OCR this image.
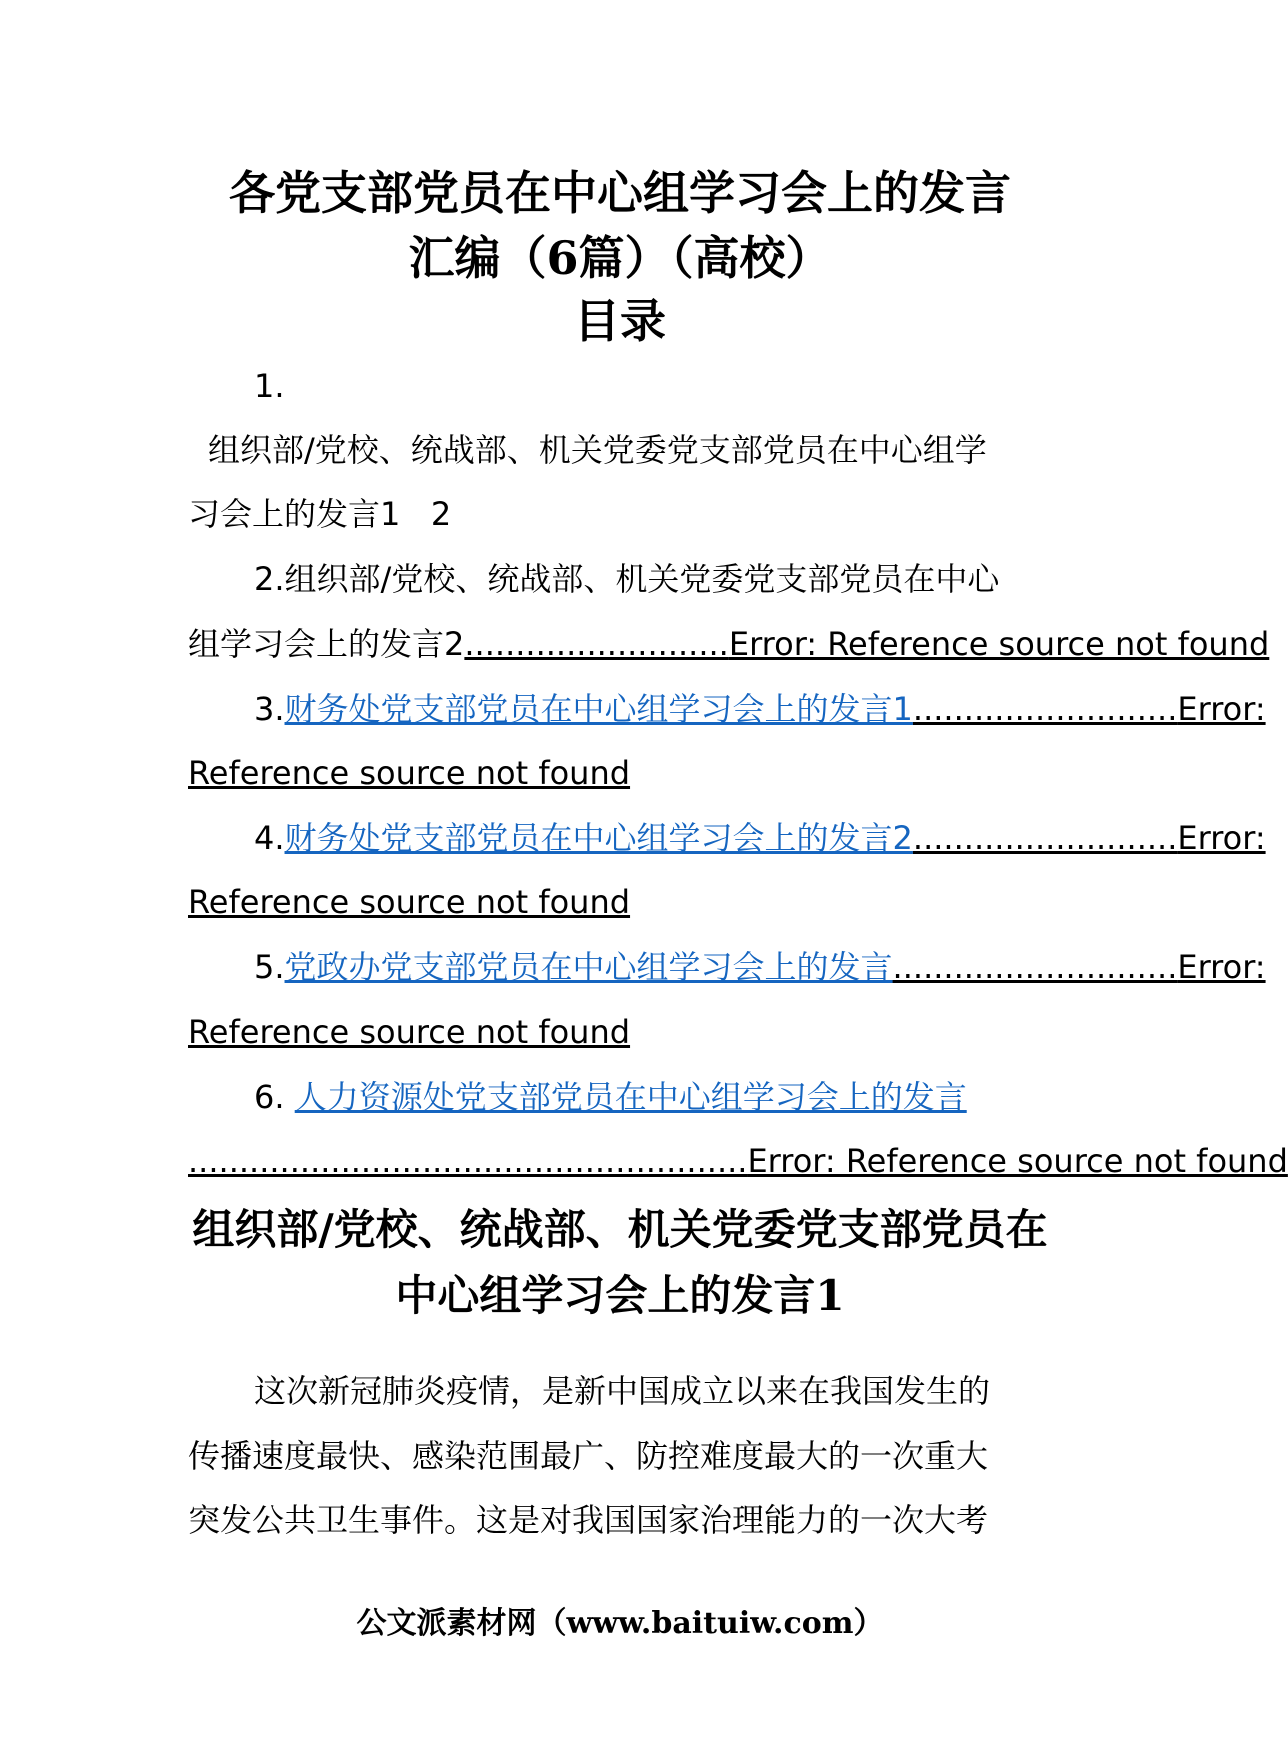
各党支部党员在中心组学习会上的发言
汇编（6篇）（高校）
目录
1.
组织部/党校、统战部、机关党委党支部党员在中心组学
习会上的发言1 2
2.组织部/党校、统战部、机关党委党支部党员在中心
组学习会上的发言2..........................Error: Reference source not found
3.财务处党支部党员在中心组学习会上的发言1..........................Error:
Reference source not found
4.财务处党支部党员在中心组学习会上的发言2..........................Error:
Reference source not found
5.党政办党支部党员在中心组学习会上的发言............................Error:
Reference source not found
6. 人力资源处党支部党员在中心组学习会上的发言
.......................................................Error: Reference source not found
组织部/党校、统战部、机关党委党支部党员在
中心组学习会上的发言1
这次新冠肺炎疫情，是新中国成立以来在我国发生的
传播速度最快、感染范围最广、防控难度最大的一次重大
突发公共卫生事件。这是对我国国家治理能力的一次大考
公文派素材网（www.baituiw.com）
